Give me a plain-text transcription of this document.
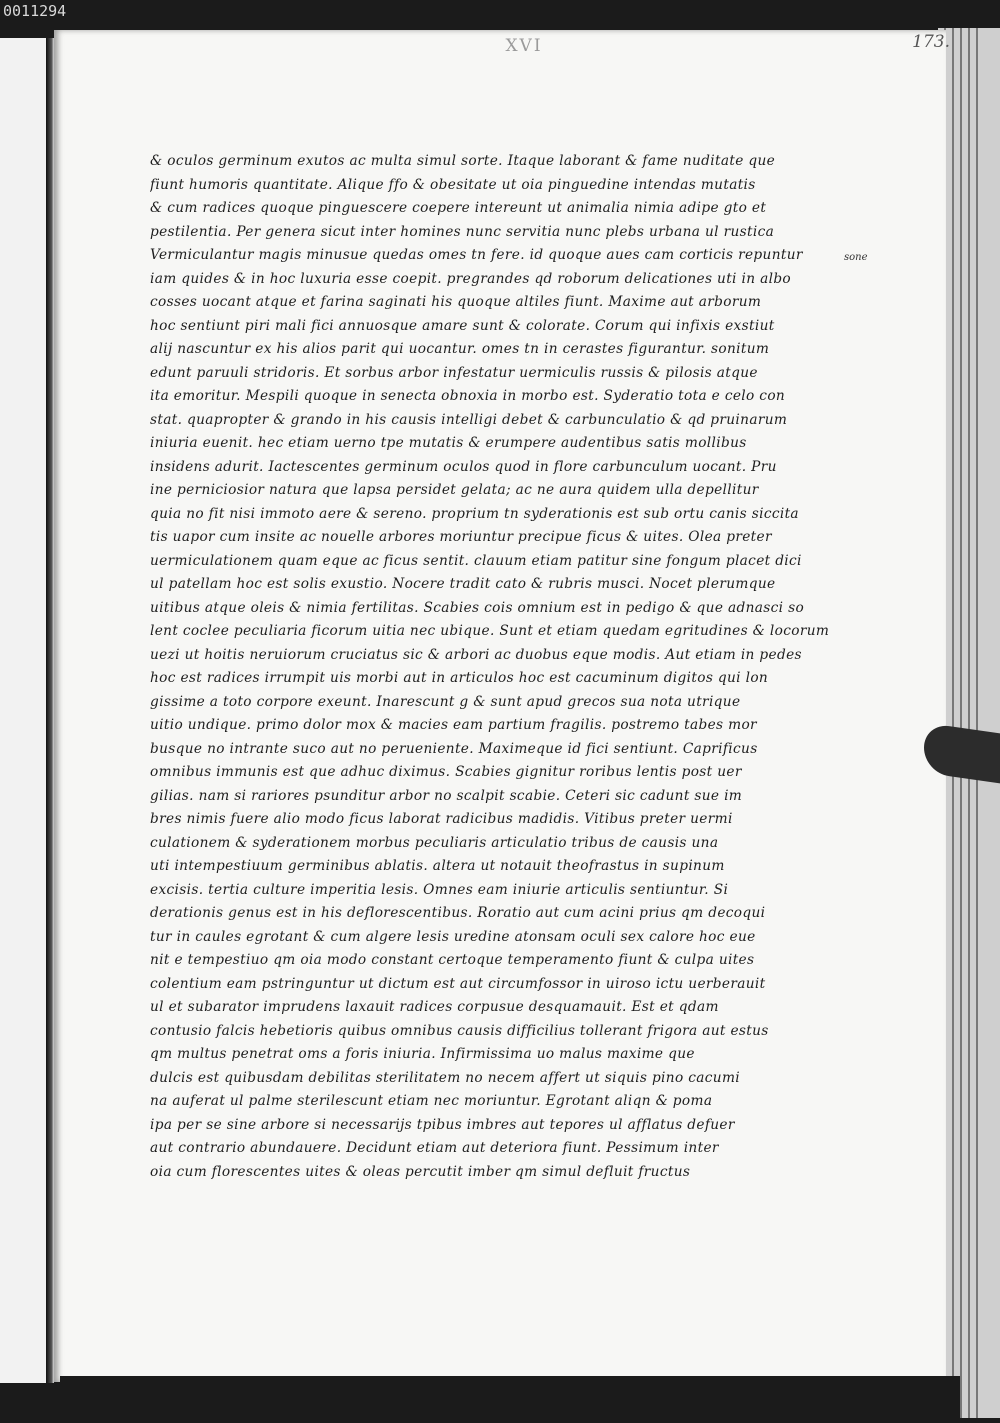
0011294
XVI	173.
sone
& oculos germinum exutos ac multa simul sorte. Itaque laborant & fame nuditate que
fiunt humoris quantitate. Alique ffo & obesitate ut oia pinguedine intendas mutatis
& cum radices quoque pinguescere coepere intereunt ut animalia nimia adipe gto et
pestilentia. Per genera sicut inter homines nunc servitia nunc plebs urbana ul rustica
Vermiculantur magis minusue quedas omes tn fere. id quoque aues cam corticis repuntur
iam quides & in hoc luxuria esse coepit. pregrandes qd roborum delicationes uti in albo
cosses uocant atque et farina saginati his quoque altiles fiunt. Maxime aut arborum
hoc sentiunt piri mali fici annuosque amare sunt & colorate. Corum qui infixis exstiut
alij nascuntur ex his alios parit qui uocantur. omes tn in cerastes figurantur. sonitum
edunt paruuli stridoris. Et sorbus arbor infestatur uermiculis russis & pilosis atque
ita emoritur. Mespili quoque in senecta obnoxia in morbo est. Syderatio tota e celo con
stat. quapropter & grando in his causis intelligi debet & carbunculatio & qd pruinarum
iniuria euenit. hec etiam uerno tpe mutatis & erumpere audentibus satis mollibus
insidens adurit. Iactescentes germinum oculos quod in flore carbunculum uocant. Pru
ine perniciosior natura que lapsa persidet gelata; ac ne aura quidem ulla depellitur
quia no fit nisi immoto aere & sereno. proprium tn syderationis est sub ortu canis siccita
tis uapor cum insite ac nouelle arbores moriuntur precipue ficus & uites. Olea preter
uermiculationem quam eque ac ficus sentit. clauum etiam patitur sine fongum placet dici
ul patellam hoc est solis exustio. Nocere tradit cato & rubris musci. Nocet plerumque
uitibus atque oleis & nimia fertilitas. Scabies cois omnium est in pedigo & que adnasci so
lent coclee peculiaria ficorum uitia nec ubique. Sunt et etiam quedam egritudines & locorum
uezi ut hoitis neruiorum cruciatus sic & arbori ac duobus eque modis. Aut etiam in pedes
hoc est radices irrumpit uis morbi aut in articulos hoc est cacuminum digitos qui lon
gissime a toto corpore exeunt. Inarescunt g & sunt apud grecos sua nota utrique
uitio undique. primo dolor mox & macies eam partium fragilis. postremo tabes mor
busque no intrante suco aut no perueniente. Maximeque id fici sentiunt. Caprificus
omnibus immunis est que adhuc diximus. Scabies gignitur roribus lentis post uer
gilias. nam si rariores psunditur arbor no scalpit scabie. Ceteri sic cadunt sue im
bres nimis fuere alio modo ficus laborat radicibus madidis. Vitibus preter uermi
culationem & syderationem morbus peculiaris articulatio tribus de causis una
uti intempestiuum germinibus ablatis. altera ut notauit theofrastus in supinum
excisis. tertia culture imperitia lesis. Omnes eam iniurie articulis sentiuntur. Si
derationis genus est in his deflorescentibus. Roratio aut cum acini prius qm decoqui
tur in caules egrotant & cum algere lesis uredine atonsam oculi sex calore hoc eue
nit e tempestiuo qm oia modo constant certoque temperamento fiunt & culpa uites
colentium eam pstringuntur ut dictum est aut circumfossor in uiroso ictu uerberauit
ul et subarator imprudens laxauit radices corpusue desquamauit. Est et qdam
contusio falcis hebetioris quibus omnibus causis difficilius tollerant frigora aut estus
qm multus penetrat oms a foris iniuria. Infirmissima uo malus maxime que
dulcis est quibusdam debilitas sterilitatem no necem affert ut siquis pino cacumi
na auferat ul palme sterilescunt etiam nec moriuntur. Egrotant aliqn & poma
ipa per se sine arbore si necessarijs tpibus imbres aut tepores ul afflatus defuer
aut contrario abundauere. Decidunt etiam aut deteriora fiunt. Pessimum inter
oia cum florescentes uites & oleas percutit imber qm simul defluit fructus
